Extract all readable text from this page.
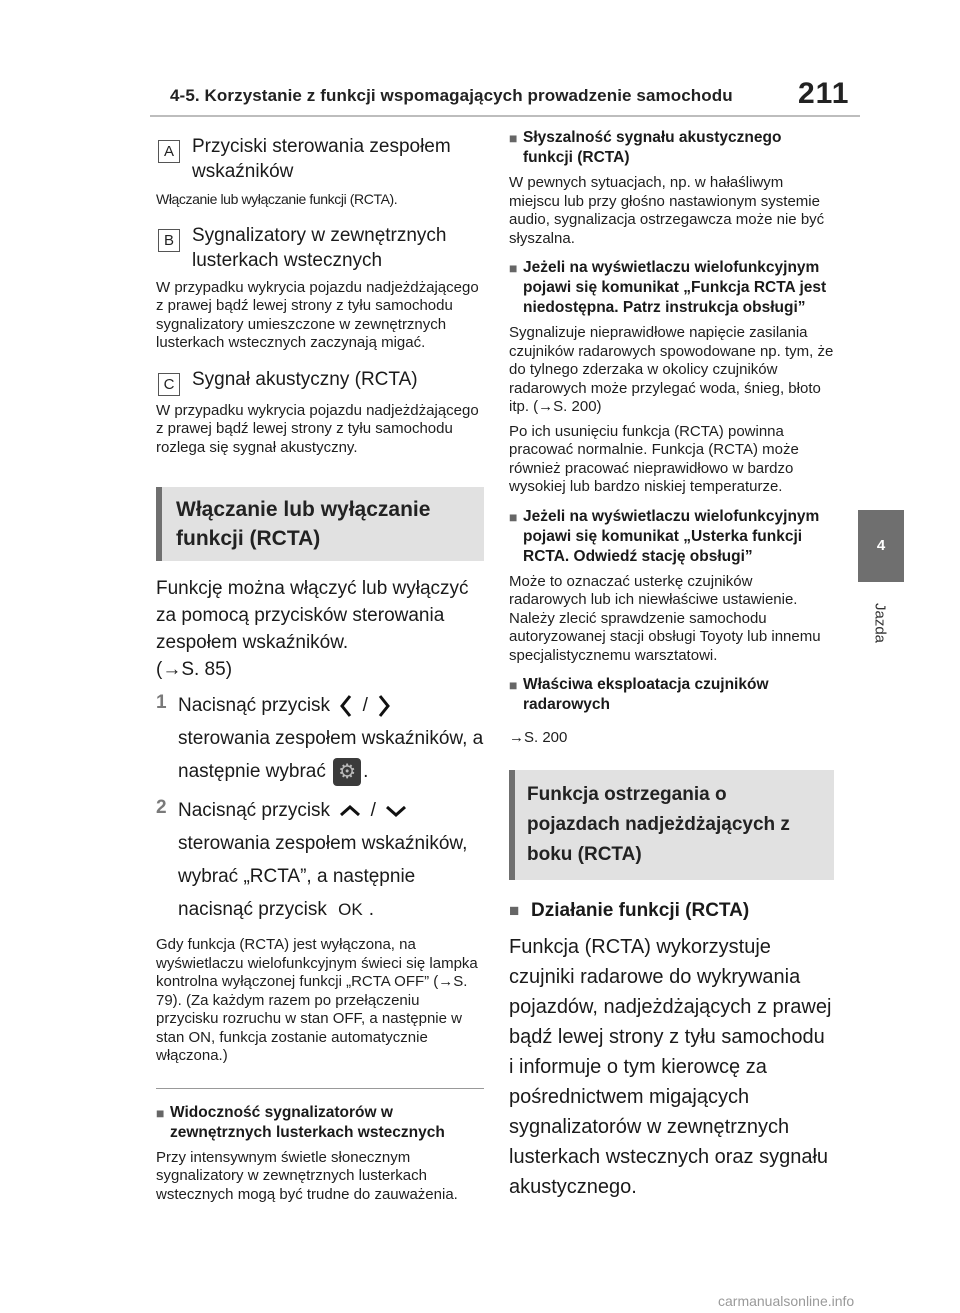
4-5. Korzystanie z funkcji wspomagających prowadzenie samochodu 211
4
Jazda
A Przyciski sterowania zespołem wskaźników

Włączanie lub wyłączanie funkcji (RCTA).

B Sygnalizatory w zewnętrznych lusterkach wstecznych

W przypadku wykrycia pojazdu nadjeżdżającego z prawej bądź lewej strony z tyłu samochodu sygnalizatory umieszczone w zewnętrznych lusterkach wstecznych zaczynają migać.

C Sygnał akustyczny (RCTA)

W przypadku wykrycia pojazdu nadjeżdżającego z prawej bądź lewej strony z tyłu samochodu rozlega się sygnał akustyczny.

Włączanie lub wyłączanie funkcji (RCTA)

Funkcję można włączyć lub wyłączyć za pomocą przycisków sterowania zespołem wskaźników.

(→S. 85)

1 Nacisnąć przycisk /  sterowania zespołem wskaźników, a następnie wybrać ⚙ .
2 Nacisnąć przycisk /  sterowania zespołem wskaźników, wybrać „RCTA”, a następnie nacisnąć przycisk OK .

Gdy funkcja (RCTA) jest wyłączona, na wyświetlaczu wielofunkcyjnym świeci się lampka kontrolna wyłączonej funkcji „RCTA OFF” (→S. 79). (Za każdym razem po przełączeniu przycisku rozruchu w stan OFF, a następnie w stan ON, funkcja zostanie automatycznie włączona.)

■ Widoczność sygnalizatorów w zewnętrznych lusterkach wstecznych

Przy intensywnym świetle słonecznym sygnalizatory w zewnętrznych lusterkach wstecznych mogą być trudne do zauważenia.

■ Słyszalność sygnału akustycznego funkcji (RCTA)

W pewnych sytuacjach, np. w hałaśliwym miejscu lub przy głośno nastawionym systemie audio, sygnalizacja ostrzegawcza może nie być słyszalna.

■ Jeżeli na wyświetlaczu wielofunkcyjnym pojawi się komunikat „Funkcja RCTA jest niedostępna. Patrz instrukcja obsługi”

Sygnalizuje nieprawidłowe napięcie zasilania czujników radarowych spowodowane np. tym, że do tylnego zderzaka w okolicy czujników radarowych może przylegać woda, śnieg, błoto itp. (→S. 200)

Po ich usunięciu funkcja (RCTA) powinna pracować normalnie. Funkcja (RCTA) może również pracować nieprawidłowo w bardzo wysokiej lub bardzo niskiej temperaturze.

■ Jeżeli na wyświetlaczu wielofunkcyjnym pojawi się komunikat „Usterka funkcji RCTA. Odwiedź stację obsługi”

Może to oznaczać usterkę czujników radarowych lub ich niewłaściwe ustawienie. Należy zlecić sprawdzenie samochodu autoryzowanej stacji obsługi Toyoty lub innemu specjalistycznemu warsztatowi.

■ Właściwa eksploatacja czujników radarowych

→S. 200

Funkcja ostrzegania o pojazdach nadjeżdżających z boku (RCTA)
■ Działanie funkcji (RCTA)

Funkcja (RCTA) wykorzystuje czujniki radarowe do wykrywania pojazdów, nadjeżdżających z prawej bądź lewej strony z tyłu samochodu i informuje o tym kierowcę za pośrednictwem migających sygnalizatorów w zewnętrznych lusterkach wstecznych oraz sygnału akustycznego.

carmanualsonline.info
